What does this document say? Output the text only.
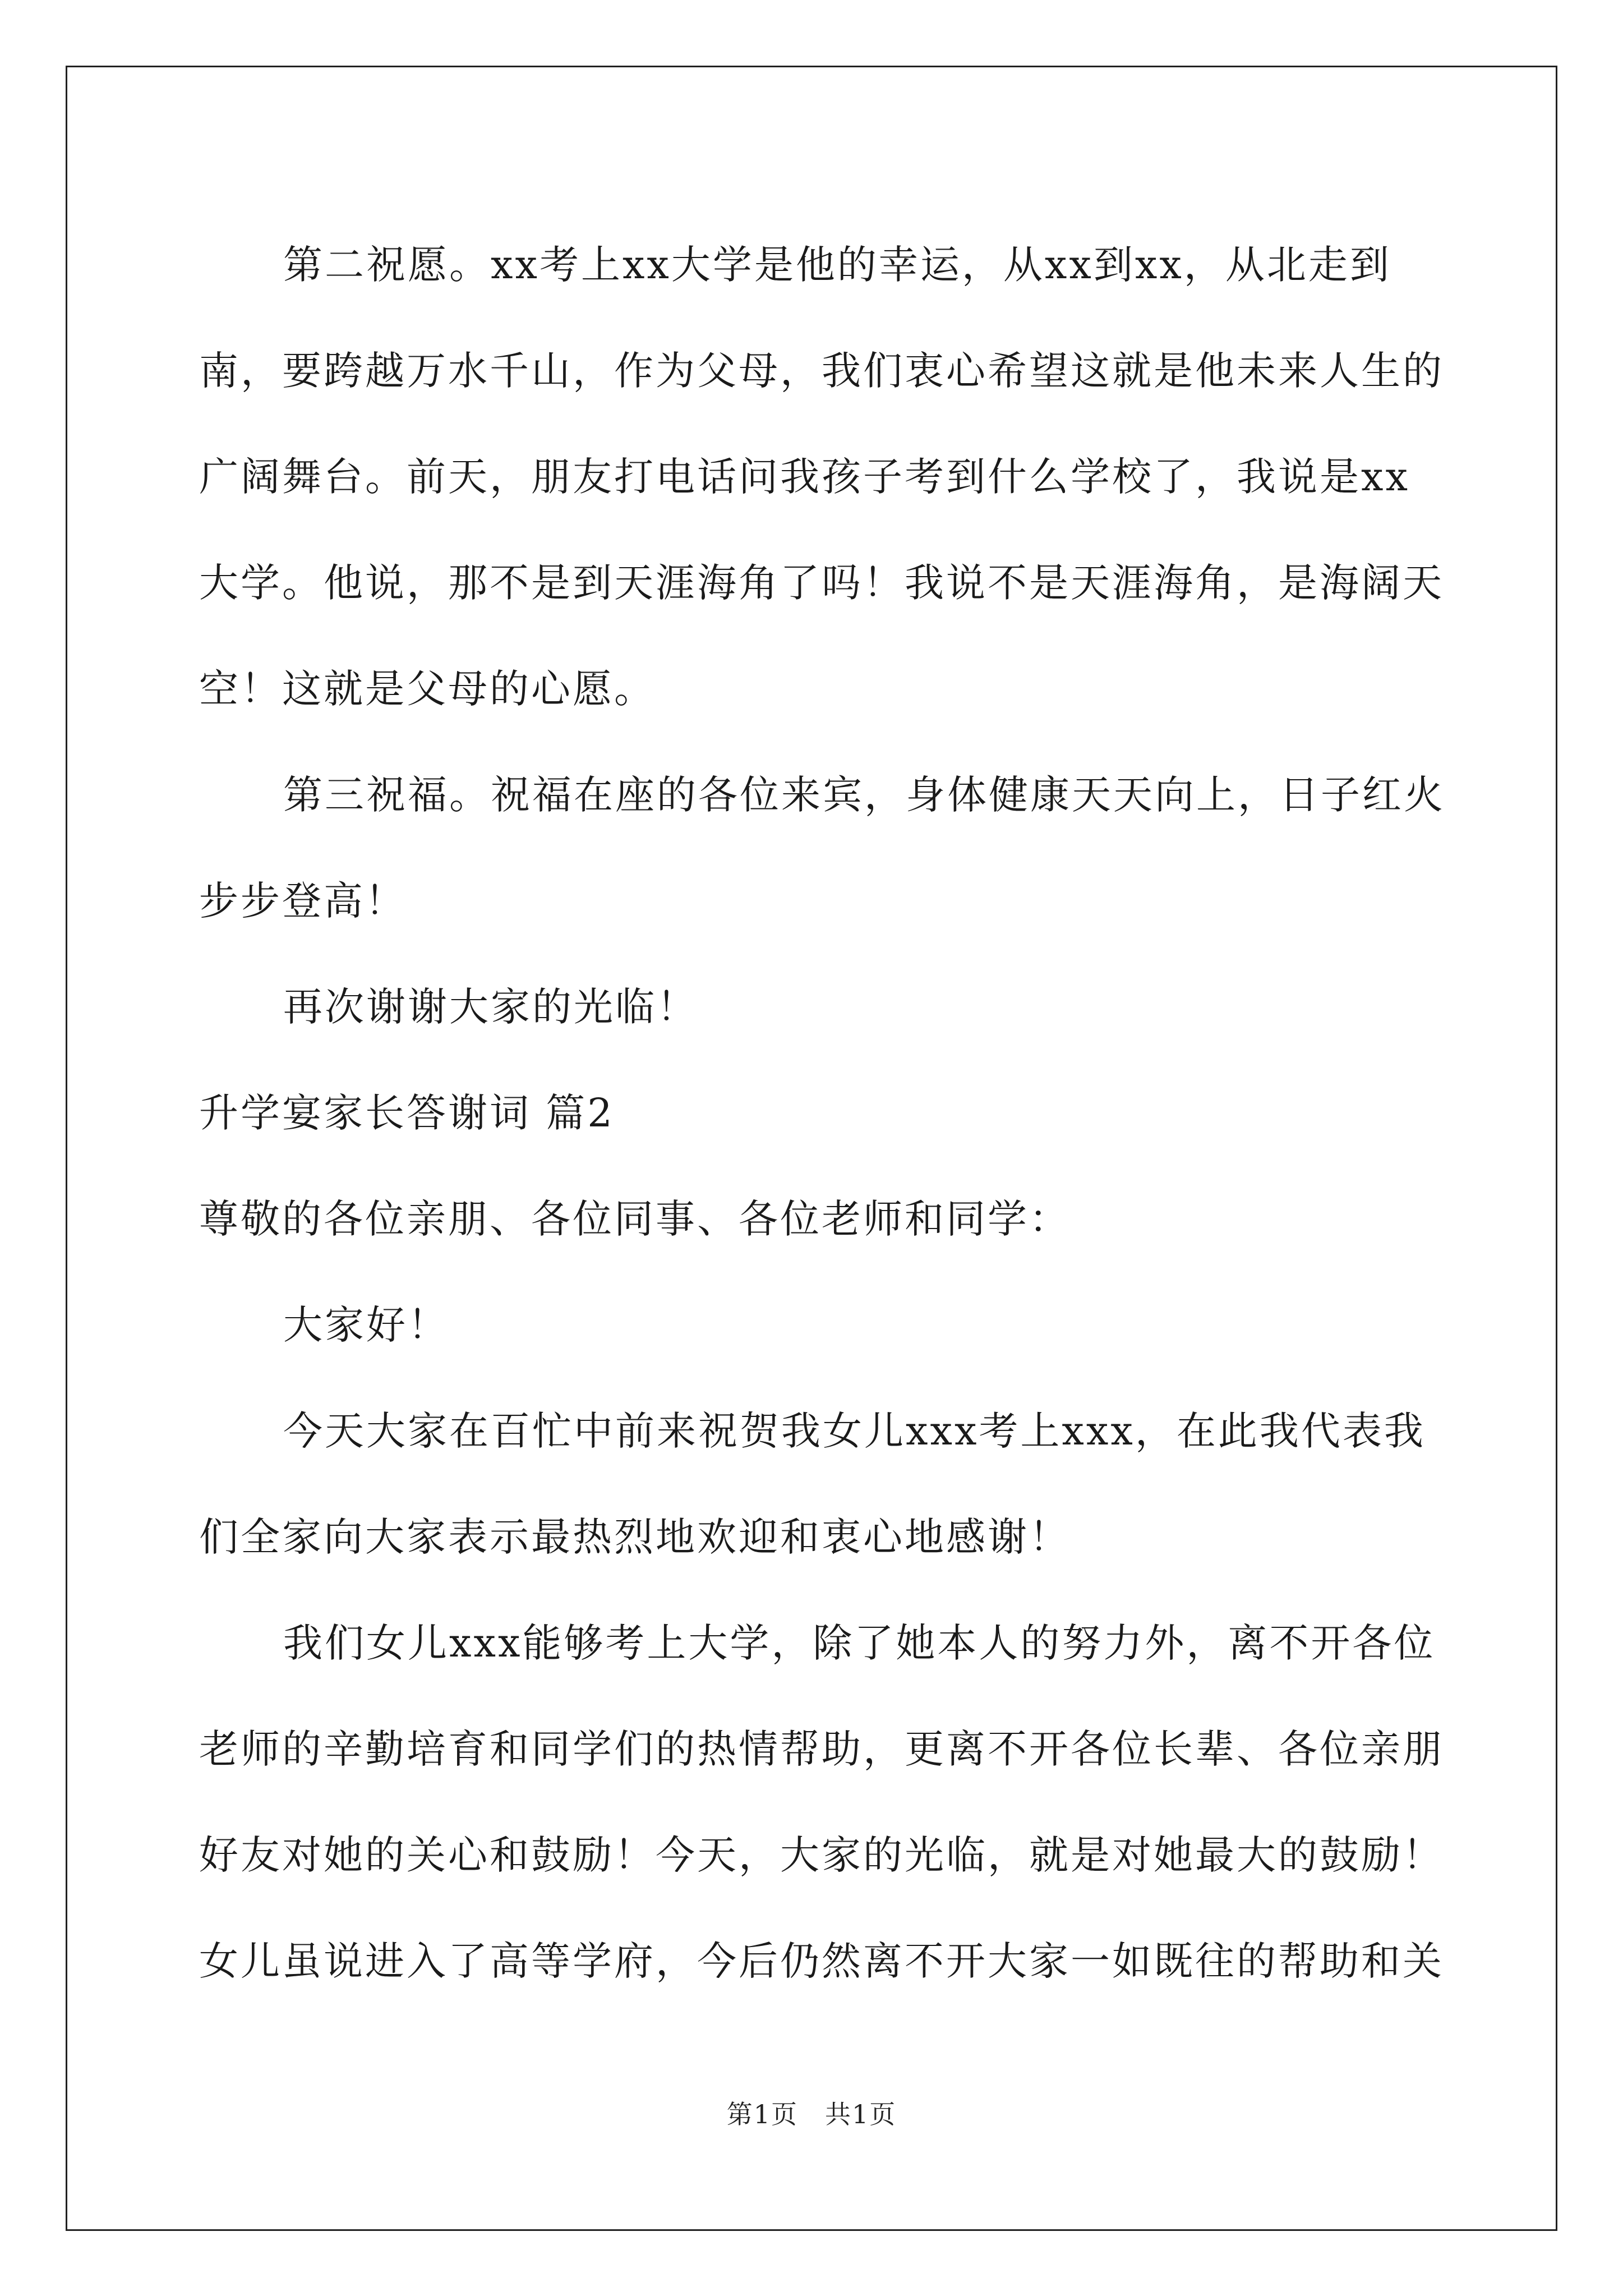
第二祝愿。xx考上xx大学是他的幸运，从xx到xx，从北走到南，要跨越万水千山，作为父母，我们衷心希望这就是他未来人生的广阔舞台。前天，朋友打电话问我孩子考到什么学校了，我说是xx大学。他说，那不是到天涯海角了吗！我说不是天涯海角，是海阔天空！这就是父母的心愿。

第三祝福。祝福在座的各位来宾，身体健康天天向上，日子红火步步登高！

再次谢谢大家的光临！

升学宴家长答谢词 篇2

尊敬的各位亲朋、各位同事、各位老师和同学：

大家好！

今天大家在百忙中前来祝贺我女儿xxx考上xxx，在此我代表我们全家向大家表示最热烈地欢迎和衷心地感谢！

我们女儿xxx能够考上大学，除了她本人的努力外，离不开各位老师的辛勤培育和同学们的热情帮助，更离不开各位长辈、各位亲朋好友对她的关心和鼓励！今天，大家的光临，就是对她最大的鼓励！女儿虽说进入了高等学府，今后仍然离不开大家一如既往的帮助和关

第1页　共1页
